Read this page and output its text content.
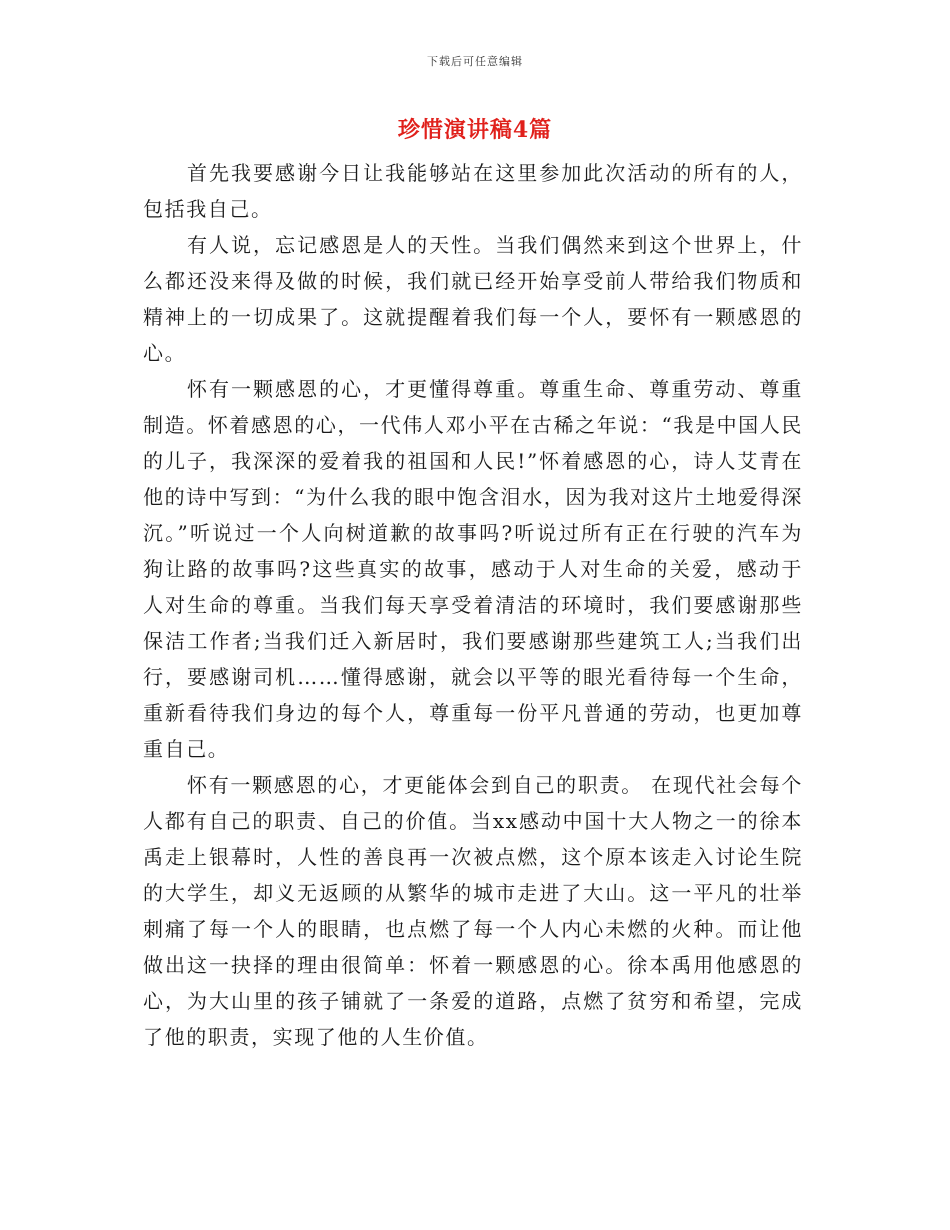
下载后可任意编辑
珍惜演讲稿4篇

首先我要感谢今日让我能够站在这里参加此次活动的所有的人，包括我自己。

有人说，忘记感恩是人的天性。当我们偶然来到这个世界上，什么都还没来得及做的时候，我们就已经开始享受前人带给我们物质和精神上的一切成果了。这就提醒着我们每一个人，要怀有一颗感恩的心。

怀有一颗感恩的心，才更懂得尊重。尊重生命、尊重劳动、尊重制造。怀着感恩的心，一代伟人邓小平在古稀之年说：“我是中国人民的儿子，我深深的爱着我的祖国和人民!”怀着感恩的心，诗人艾青在他的诗中写到：“为什么我的眼中饱含泪水，因为我对这片土地爱得深沉。”听说过一个人向树道歉的故事吗?听说过所有正在行驶的汽车为狗让路的故事吗?这些真实的故事，感动于人对生命的关爱，感动于人对生命的尊重。当我们每天享受着清洁的环境时，我们要感谢那些保洁工作者;当我们迁入新居时，我们要感谢那些建筑工人;当我们出行，要感谢司机……懂得感谢，就会以平等的眼光看待每一个生命，重新看待我们身边的每个人，尊重每一份平凡普通的劳动，也更加尊重自己。

怀有一颗感恩的心，才更能体会到自己的职责。 在现代社会每个人都有自己的职责、自己的价值。当xx感动中国十大人物之一的徐本禹走上银幕时，人性的善良再一次被点燃，这个原本该走入讨论生院的大学生，却义无返顾的从繁华的城市走进了大山。这一平凡的壮举刺痛了每一个人的眼睛，也点燃了每一个人内心未燃的火种。而让他做出这一抉择的理由很简单：怀着一颗感恩的心。徐本禹用他感恩的心，为大山里的孩子铺就了一条爱的道路，点燃了贫穷和希望，完成了他的职责，实现了他的人生价值。
